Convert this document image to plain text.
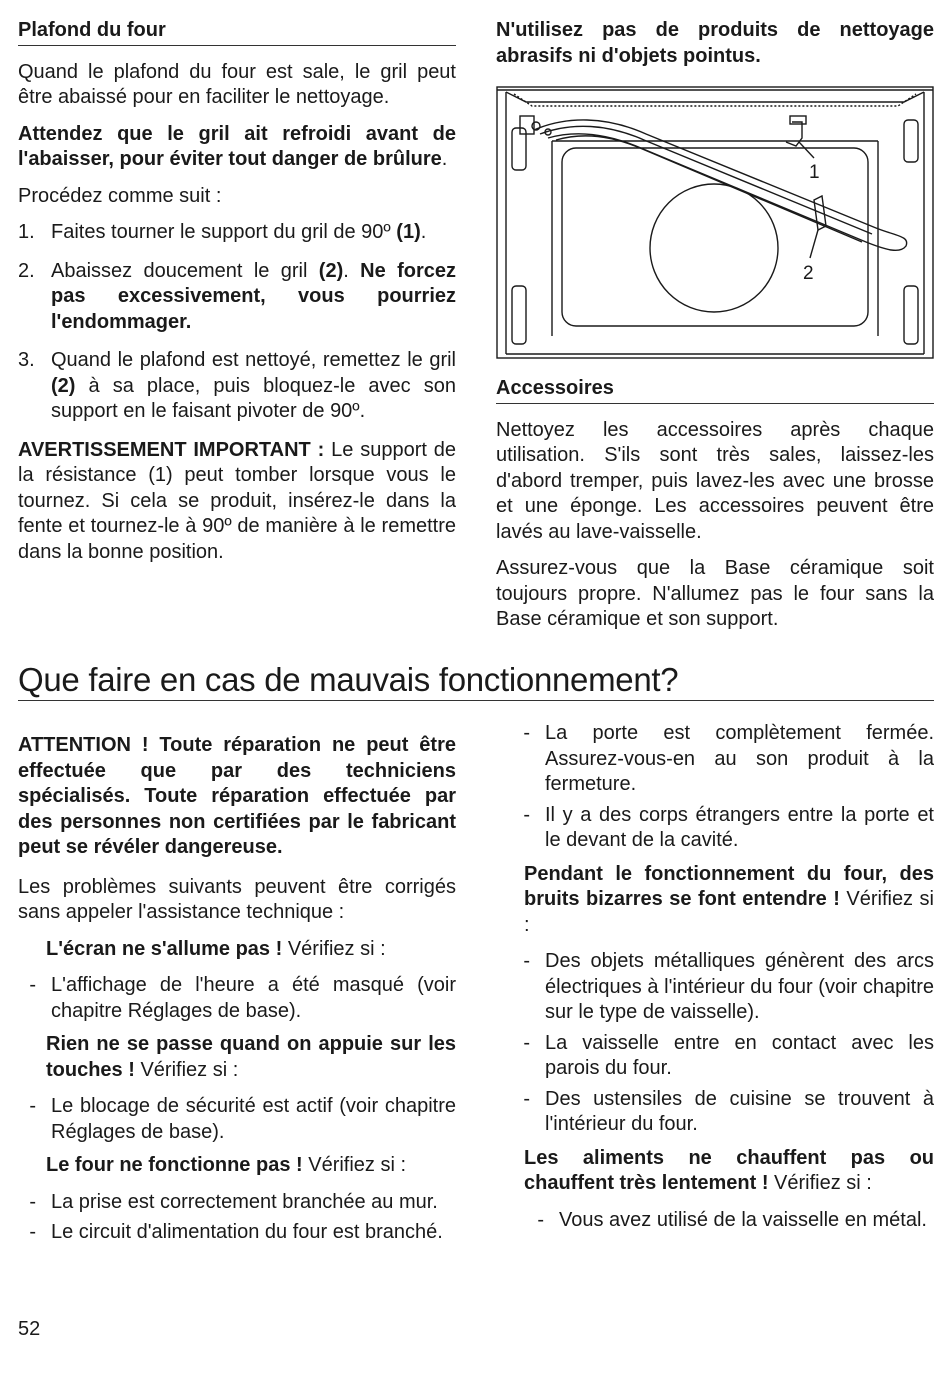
Plafond du four

Quand le plafond du four est sale, le gril peut être abaissé pour en faciliter le nettoyage.

Attendez que le gril ait refroidi avant de l'abaisser, pour éviter tout danger de brûlure.

Procédez comme suit :

1. Faites tourner le support du gril de 90º (1).
2. Abaissez doucement le gril (2). Ne forcez pas excessivement, vous pourriez l'endommager.
3. Quand le plafond est nettoyé, remettez le gril (2) à sa place, puis bloquez-le avec son support en le faisant pivoter de 90º.

AVERTISSEMENT IMPORTANT : Le support de la résistance (1) peut tomber lorsque vous le tournez. Si cela se produit, insérez-le dans la fente et tournez-le à 90º de manière à le remettre dans la bonne position.

N'utilisez pas de produits de nettoyage abrasifs ni d'objets pointus.

1
2
Accessoires

Nettoyez les accessoires après chaque utilisation. S'ils sont très sales, laissez-les d'abord tremper, puis lavez-les avec une brosse et une éponge. Les accessoires peuvent être lavés au lave-vaisselle.

Assurez-vous que la Base céramique soit toujours propre. N'allumez pas le four sans la Base céramique et son support.

Que faire en cas de mauvais fonctionnement?

ATTENTION ! Toute réparation ne peut être effectuée que par des techniciens spécialisés. Toute réparation effectuée par des personnes non certifiées par le fabricant peut se révéler dangereuse.

Les problèmes suivants peuvent être corrigés sans appeler l'assistance technique :

L'écran ne s'allume pas ! Vérifiez si :

- L'affichage de l'heure a été masqué (voir chapitre Réglages de base).

Rien ne se passe quand on appuie sur les touches ! Vérifiez si :

- Le blocage de sécurité est actif (voir chapitre Réglages de base).

Le four ne fonctionne pas ! Vérifiez si :

- La prise est correctement branchée au mur.
- Le circuit d'alimentation du four est branché.
- La porte est complètement fermée. Assurez-vous-en au son produit à la fermeture.
- Il y a des corps étrangers entre la porte et le devant de la cavité.

Pendant le fonctionnement du four, des bruits bizarres se font entendre ! Vérifiez si :

- Des objets métalliques génèrent des arcs électriques à l'intérieur du four (voir chapitre sur le type de vaisselle).
- La vaisselle entre en contact avec les parois du four.
- Des ustensiles de cuisine se trouvent à l'intérieur du four.

Les aliments ne chauffent pas ou chauffent très lentement ! Vérifiez si :

- Vous avez utilisé de la vaisselle en métal.
52
